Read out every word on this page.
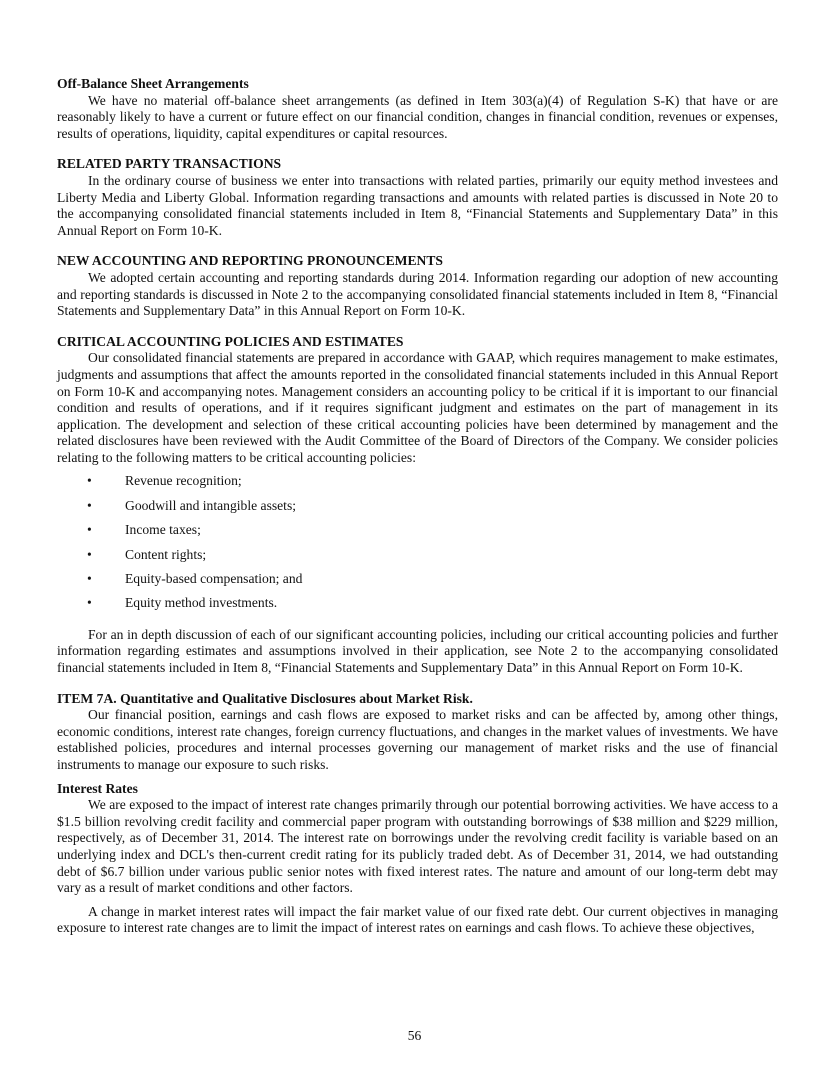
Off-Balance Sheet Arrangements

We have no material off-balance sheet arrangements (as defined in Item 303(a)(4) of Regulation S-K) that have or are reasonably likely to have a current or future effect on our financial condition, changes in financial condition, revenues or expenses, results of operations, liquidity, capital expenditures or capital resources.

RELATED PARTY TRANSACTIONS

In the ordinary course of business we enter into transactions with related parties, primarily our equity method investees and Liberty Media and Liberty Global. Information regarding transactions and amounts with related parties is discussed in Note 20 to the accompanying consolidated financial statements included in Item 8, “Financial Statements and Supplementary Data” in this Annual Report on Form 10-K.

NEW ACCOUNTING AND REPORTING PRONOUNCEMENTS

We adopted certain accounting and reporting standards during 2014. Information regarding our adoption of new accounting and reporting standards is discussed in Note 2 to the accompanying consolidated financial statements included in Item 8, “Financial Statements and Supplementary Data” in this Annual Report on Form 10-K.

CRITICAL ACCOUNTING POLICIES AND ESTIMATES

Our consolidated financial statements are prepared in accordance with GAAP, which requires management to make estimates, judgments and assumptions that affect the amounts reported in the consolidated financial statements included in this Annual Report on Form 10-K and accompanying notes. Management considers an accounting policy to be critical if it is important to our financial condition and results of operations, and if it requires significant judgment and estimates on the part of management in its application. The development and selection of these critical accounting policies have been determined by management and the related disclosures have been reviewed with the Audit Committee of the Board of Directors of the Company. We consider policies relating to the following matters to be critical accounting policies:

• Revenue recognition;
• Goodwill and intangible assets;
• Income taxes;
• Content rights;
• Equity-based compensation; and
• Equity method investments.

For an in depth discussion of each of our significant accounting policies, including our critical accounting policies and further information regarding estimates and assumptions involved in their application, see Note 2 to the accompanying consolidated financial statements included in Item 8, “Financial Statements and Supplementary Data” in this Annual Report on Form 10-K.

ITEM 7A. Quantitative and Qualitative Disclosures about Market Risk.

Our financial position, earnings and cash flows are exposed to market risks and can be affected by, among other things, economic conditions, interest rate changes, foreign currency fluctuations, and changes in the market values of investments. We have established policies, procedures and internal processes governing our management of market risks and the use of financial instruments to manage our exposure to such risks.

Interest Rates

We are exposed to the impact of interest rate changes primarily through our potential borrowing activities. We have access to a $1.5 billion revolving credit facility and commercial paper program with outstanding borrowings of $38 million and $229 million, respectively, as of December 31, 2014. The interest rate on borrowings under the revolving credit facility is variable based on an underlying index and DCL's then-current credit rating for its publicly traded debt. As of December 31, 2014, we had outstanding debt of $6.7 billion under various public senior notes with fixed interest rates. The nature and amount of our long-term debt may vary as a result of market conditions and other factors.

A change in market interest rates will impact the fair market value of our fixed rate debt. Our current objectives in managing exposure to interest rate changes are to limit the impact of interest rates on earnings and cash flows. To achieve these objectives,

56
